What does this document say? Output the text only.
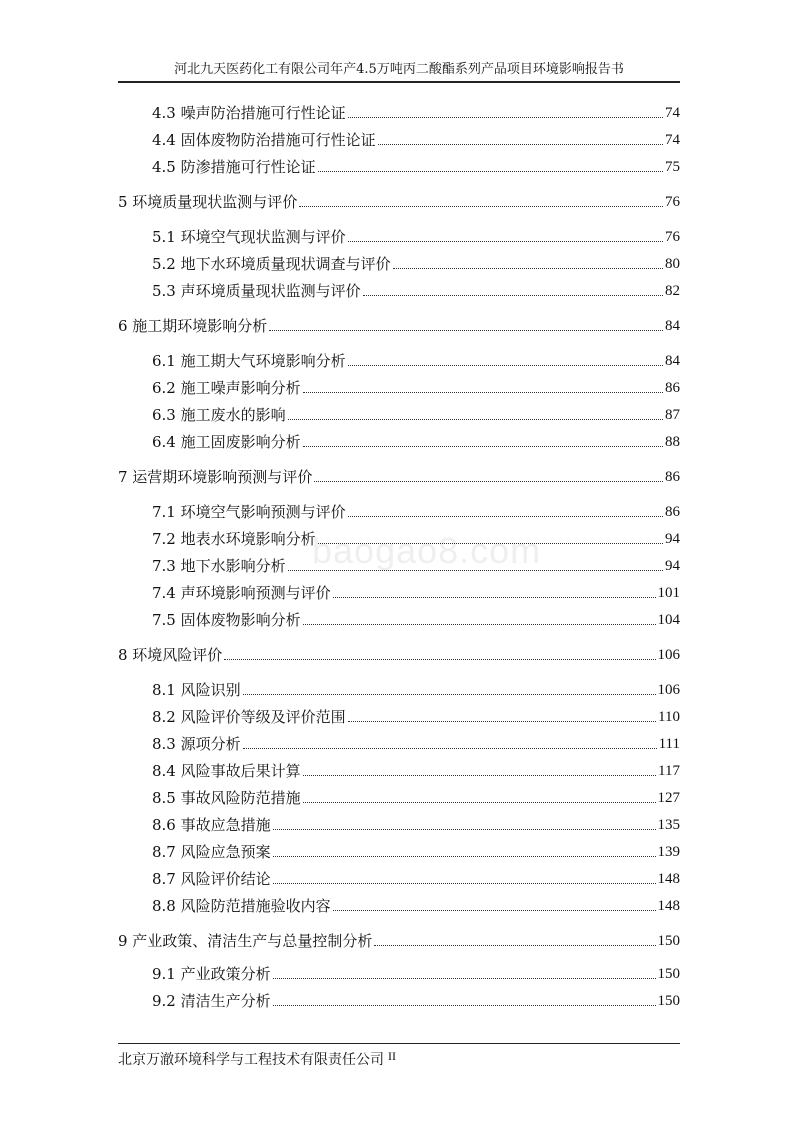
河北九天医药化工有限公司年产4.5万吨丙二酸酯系列产品项目环境影响报告书
baogao8.com
4.3 噪声防治措施可行性论证	74
4.4 固体废物防治措施可行性论证	74
4.5 防渗措施可行性论证	75
5 环境质量现状监测与评价	76
5.1 环境空气现状监测与评价	76
5.2 地下水环境质量现状调查与评价	80
5.3 声环境质量现状监测与评价	82
6 施工期环境影响分析	84
6.1 施工期大气环境影响分析	84
6.2 施工噪声影响分析	86
6.3 施工废水的影响	87
6.4 施工固废影响分析	88
7 运营期环境影响预测与评价	86
7.1 环境空气影响预测与评价	86
7.2 地表水环境影响分析	94
7.3 地下水影响分析	94
7.4 声环境影响预测与评价	101
7.5 固体废物影响分析	104
8 环境风险评价	106
8.1 风险识别	106
8.2 风险评价等级及评价范围	110
8.3 源项分析	111
8.4 风险事故后果计算	117
8.5 事故风险防范措施	127
8.6 事故应急措施	135
8.7 风险应急预案	139
8.7 风险评价结论	148
8.8 风险防范措施验收内容	148
9 产业政策、清洁生产与总量控制分析	150
9.1 产业政策分析	150
9.2 清洁生产分析	150
北京万澈环境科学与工程技术有限责任公司 II
